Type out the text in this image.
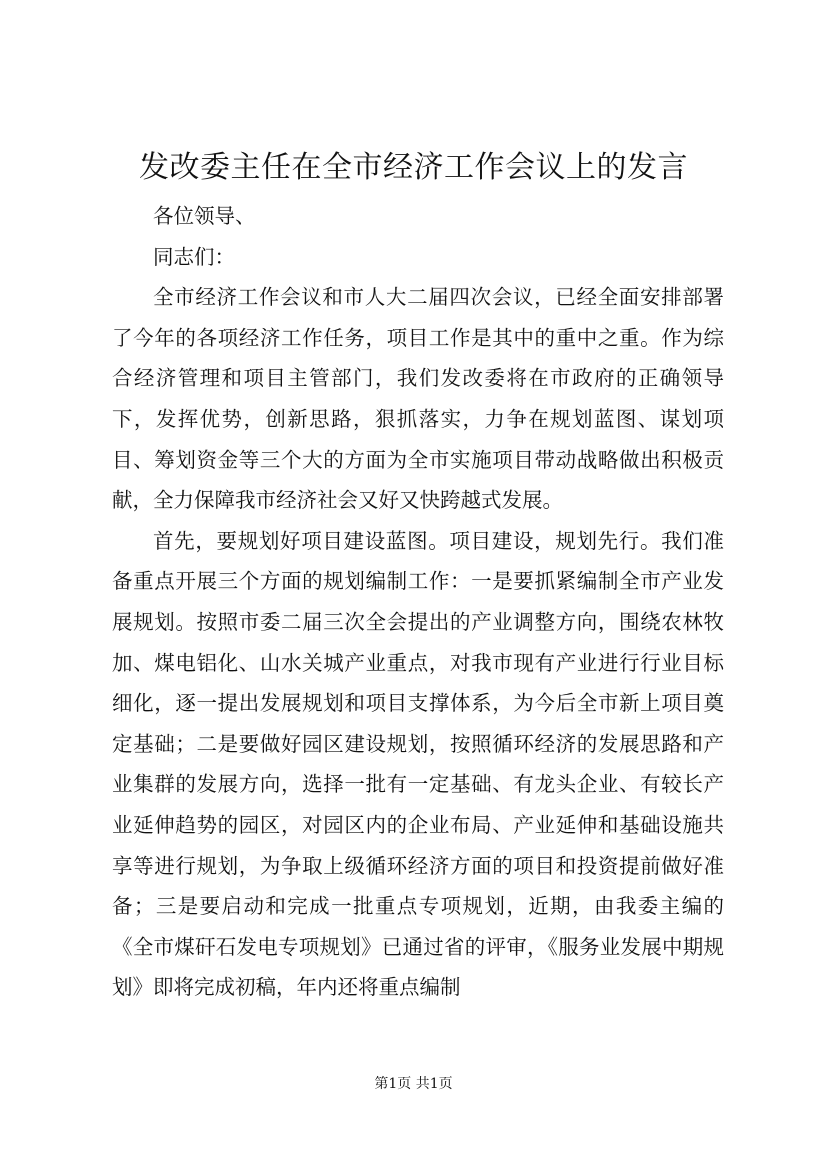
发改委主任在全市经济工作会议上的发言

各位领导、

同志们：

全市经济工作会议和市人大二届四次会议，已经全面安排部署了今年的各项经济工作任务，项目工作是其中的重中之重。作为综合经济管理和项目主管部门，我们发改委将在市政府的正确领导下，发挥优势，创新思路，狠抓落实，力争在规划蓝图、谋划项目、筹划资金等三个大的方面为全市实施项目带动战略做出积极贡献，全力保障我市经济社会又好又快跨越式发展。

首先，要规划好项目建设蓝图。项目建设，规划先行。我们准备重点开展三个方面的规划编制工作：一是要抓紧编制全市产业发展规划。按照市委二届三次全会提出的产业调整方向，围绕农林牧加、煤电铝化、山水关城产业重点，对我市现有产业进行行业目标细化，逐一提出发展规划和项目支撑体系，为今后全市新上项目奠定基础；二是要做好园区建设规划，按照循环经济的发展思路和产业集群的发展方向，选择一批有一定基础、有龙头企业、有较长产业延伸趋势的园区，对园区内的企业布局、产业延伸和基础设施共享等进行规划，为争取上级循环经济方面的项目和投资提前做好准备；三是要启动和完成一批重点专项规划，近期，由我委主编的《全市煤矸石发电专项规划》已通过省的评审，《服务业发展中期规划》即将完成初稿，年内还将重点编制

第1页 共1页
